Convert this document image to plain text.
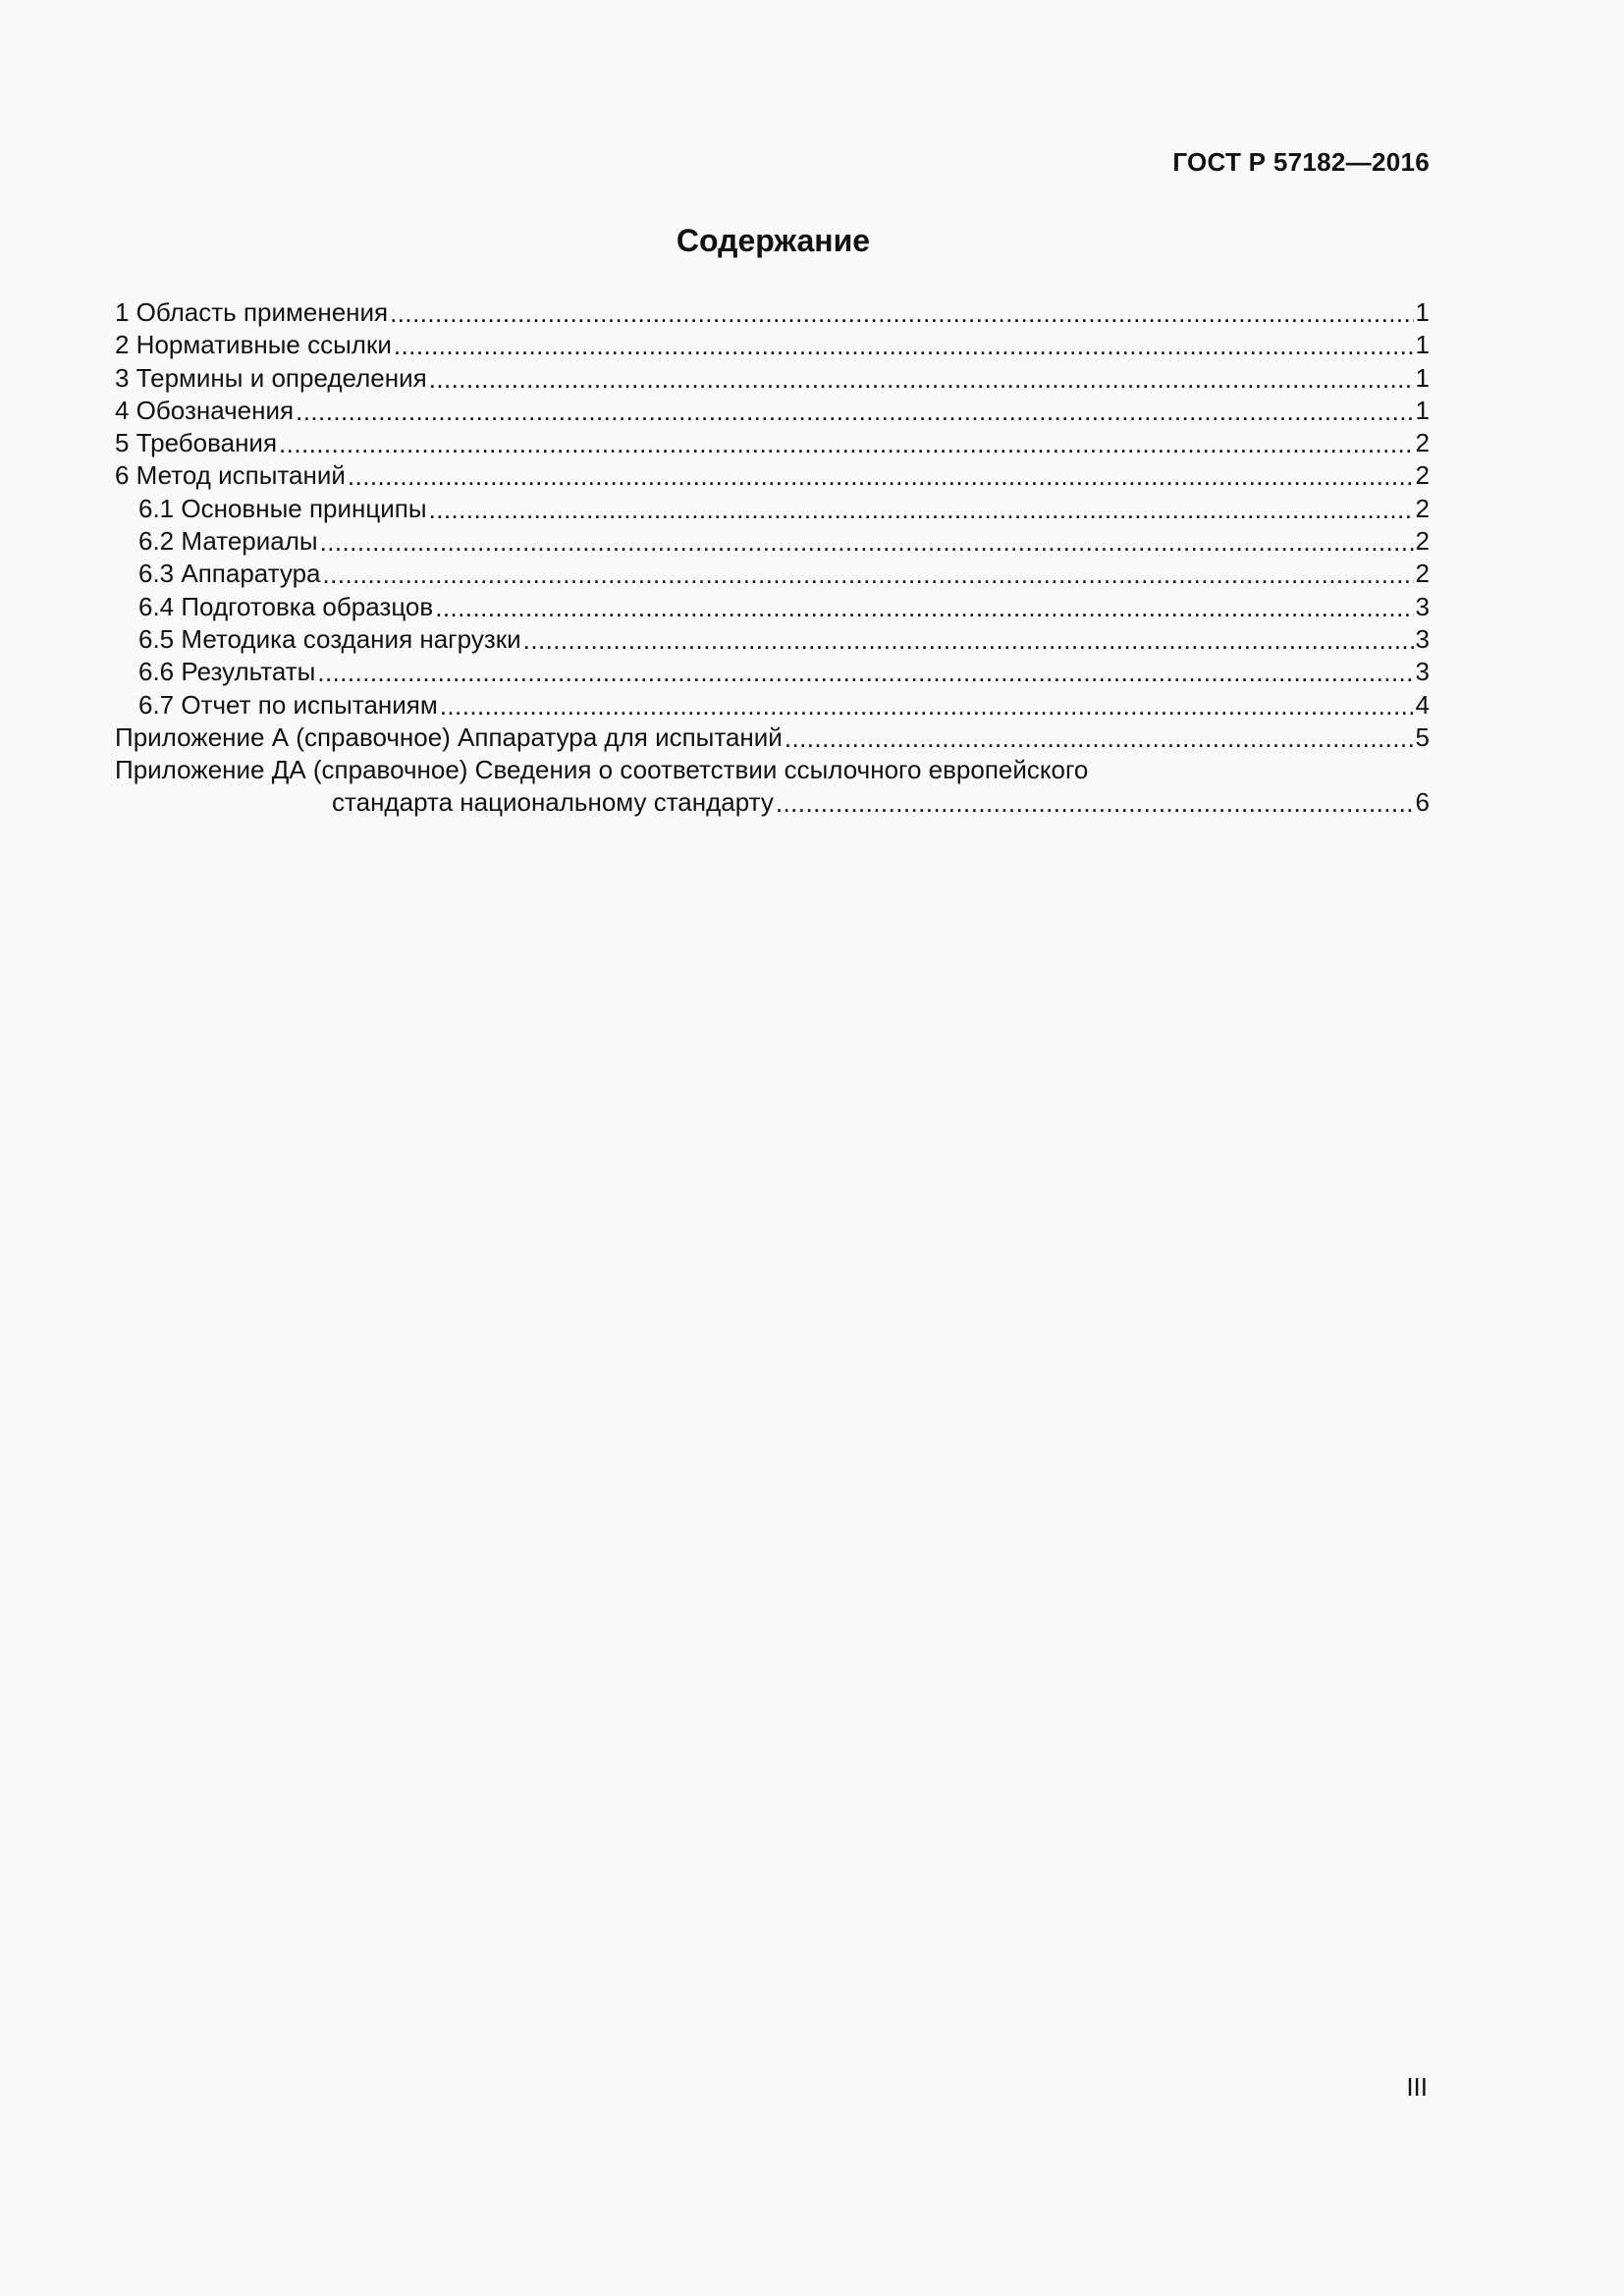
ГОСТ Р 57182—2016
Содержание
1 Область применения . . .	1
2 Нормативные ссылки . . .	1
3 Термины и определения . . .	1
4 Обозначения . . .	1
5 Требования . . .	2
6 Метод испытаний . . .	2
6.1 Основные принципы . . .	2
6.2 Материалы . . .	2
6.3 Аппаратура . . .	2
6.4 Подготовка образцов . . .	3
6.5 Методика создания нагрузки . . .	3
6.6 Результаты . . .	3
6.7 Отчет по испытаниям . . .	4
Приложение А (справочное) Аппаратура для испытаний . . .	5
Приложение ДА (справочное) Сведения о соответствии ссылочного европейского
стандарта национальному стандарту . . .	6
III
